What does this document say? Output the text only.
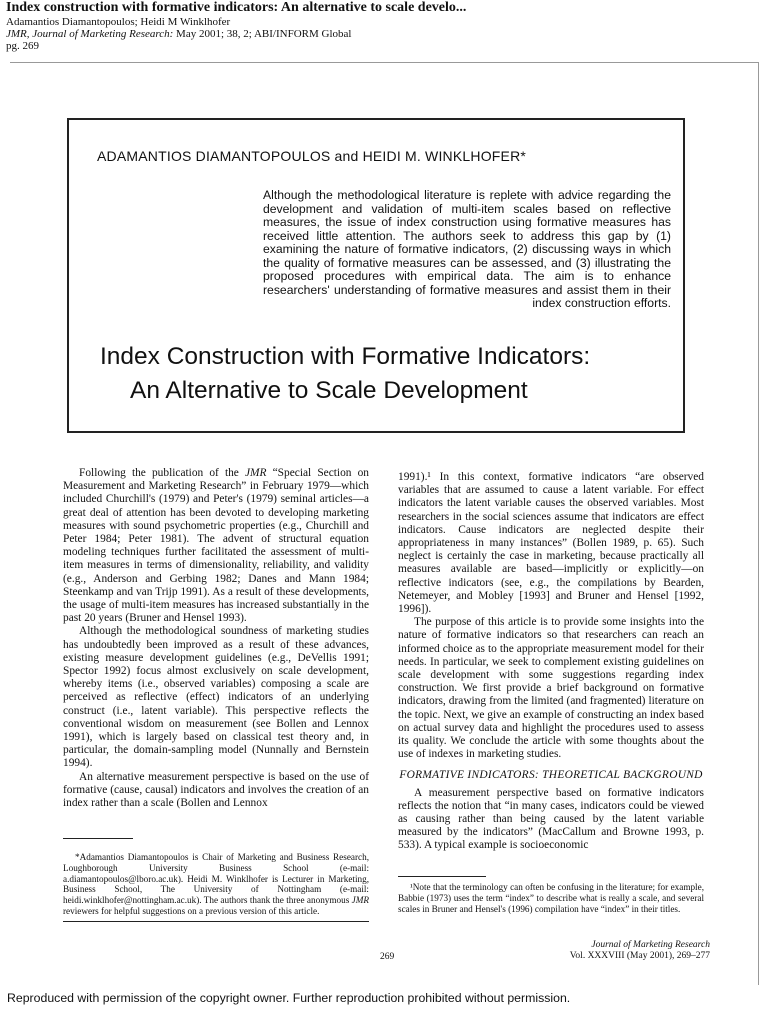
Index construction with formative indicators: An alternative to scale develo...
Adamantios Diamantopoulos; Heidi M Winklhofer
JMR, Journal of Marketing Research: May 2001; 38, 2; ABI/INFORM Global
pg. 269
ADAMANTIOS DIAMANTOPOULOS and HEIDI M. WINKLHOFER*
Although the methodological literature is replete with advice regarding the development and validation of multi-item scales based on reflective measures, the issue of index construction using formative measures has received little attention. The authors seek to address this gap by (1) examining the nature of formative indicators, (2) discussing ways in which the quality of formative measures can be assessed, and (3) illustrating the proposed procedures with empirical data. The aim is to enhance researchers' understanding of formative measures and assist them in their index construction efforts.
Index Construction with Formative Indicators:
An Alternative to Scale Development

Following the publication of the JMR “Special Section on Measurement and Marketing Research” in February 1979—which included Churchill's (1979) and Peter's (1979) seminal articles—a great deal of attention has been devoted to developing marketing measures with sound psychometric properties (e.g., Churchill and Peter 1984; Peter 1981). The advent of structural equation modeling techniques further facilitated the assessment of multi-item measures in terms of dimensionality, reliability, and validity (e.g., Anderson and Gerbing 1982; Danes and Mann 1984; Steenkamp and van Trijp 1991). As a result of these developments, the usage of multi-item measures has increased substantially in the past 20 years (Bruner and Hensel 1993).

Although the methodological soundness of marketing studies has undoubtedly been improved as a result of these advances, existing measure development guidelines (e.g., DeVellis 1991; Spector 1992) focus almost exclusively on scale development, whereby items (i.e., observed variables) composing a scale are perceived as reflective (effect) indicators of an underlying construct (i.e., latent variable). This perspective reflects the conventional wisdom on measurement (see Bollen and Lennox 1991), which is largely based on classical test theory and, in particular, the domain-sampling model (Nunnally and Bernstein 1994).

An alternative measurement perspective is based on the use of formative (cause, causal) indicators and involves the creation of an index rather than a scale (Bollen and Lennox

1991).¹ In this context, formative indicators “are observed variables that are assumed to cause a latent variable. For effect indicators the latent variable causes the observed variables. Most researchers in the social sciences assume that indicators are effect indicators. Cause indicators are neglected despite their appropriateness in many instances” (Bollen 1989, p. 65). Such neglect is certainly the case in marketing, because practically all measures available are based—implicitly or explicitly—on reflective indicators (see, e.g., the compilations by Bearden, Netemeyer, and Mobley [1993] and Bruner and Hensel [1992, 1996]).

The purpose of this article is to provide some insights into the nature of formative indicators so that researchers can reach an informed choice as to the appropriate measurement model for their needs. In particular, we seek to complement existing guidelines on scale development with some suggestions regarding index construction. We first provide a brief background on formative indicators, drawing from the limited (and fragmented) literature on the topic. Next, we give an example of constructing an index based on actual survey data and highlight the procedures used to assess its quality. We conclude the article with some thoughts about the use of indexes in marketing studies.

FORMATIVE INDICATORS: THEORETICAL BACKGROUND

A measurement perspective based on formative indicators reflects the notion that “in many cases, indicators could be viewed as causing rather than being caused by the latent variable measured by the indicators” (MacCallum and Browne 1993, p. 533). A typical example is socioeconomic

*Adamantios Diamantopoulos is Chair of Marketing and Business Research, Loughborough University Business School (e-mail: a.diamantopoulos@lboro.ac.uk). Heidi M. Winklhofer is Lecturer in Marketing, Business School, The University of Nottingham (e-mail: heidi.winklhofer@nottingham.ac.uk). The authors thank the three anonymous JMR reviewers for helpful suggestions on a previous version of this article.
¹Note that the terminology can often be confusing in the literature; for example, Babbie (1973) uses the term “index” to describe what is really a scale, and several scales in Bruner and Hensel's (1996) compilation have “index” in their titles.
269
Journal of Marketing Research
Vol. XXXVIII (May 2001), 269–277
Reproduced with permission of the copyright owner. Further reproduction prohibited without permission.
